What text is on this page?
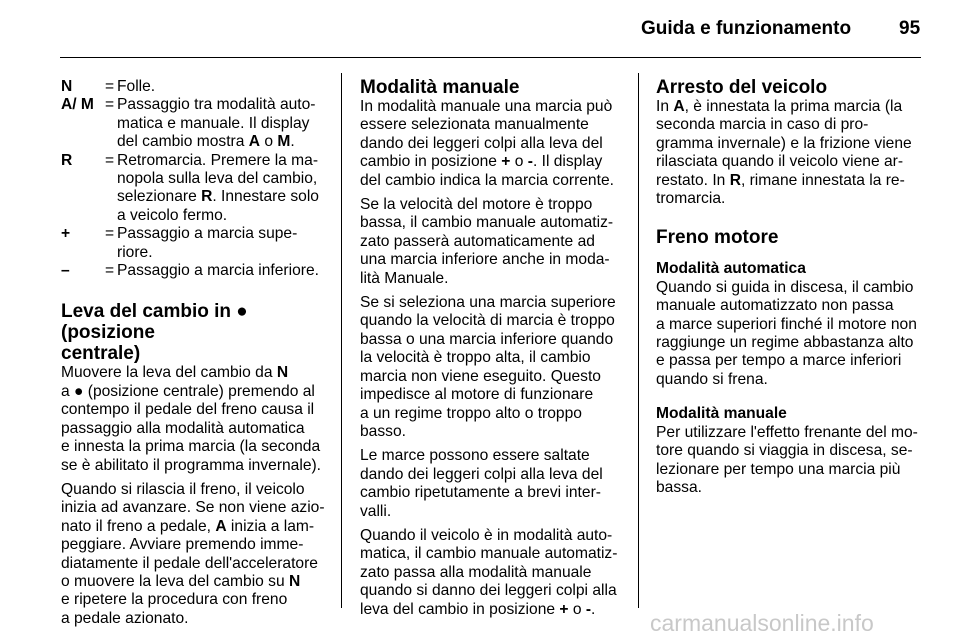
Guida e funzionamento	95
N	= Folle.
A/ M = Passaggio tra modalità auto-
matica e manuale. Il display
del cambio mostra A o M.
R	= Retromarcia. Premere la ma-
nopola sulla leva del cambio,
selezionare R. Innestare solo
a veicolo fermo.
+	= Passaggio a marcia supe-
riore.
–	= Passaggio a marcia inferiore.
Leva del cambio in ● (posizione
centrale)

Muovere la leva del cambio da N
a ● (posizione centrale) premendo al
contempo il pedale del freno causa il
passaggio alla modalità automatica
e innesta la prima marcia (la seconda
se è abilitato il programma invernale).

Quando si rilascia il freno, il veicolo
inizia ad avanzare. Se non viene azio-
nato il freno a pedale, A inizia a lam-
peggiare. Avviare premendo imme-
diatamente il pedale dell'acceleratore
o muovere la leva del cambio su N
e ripetere la procedura con freno
a pedale azionato.

Modalità manuale

In modalità manuale una marcia può
essere selezionata manualmente
dando dei leggeri colpi alla leva del
cambio in posizione + o -. Il display
del cambio indica la marcia corrente.

Se la velocità del motore è troppo
bassa, il cambio manuale automatiz-
zato passerà automaticamente ad
una marcia inferiore anche in moda-
lità Manuale.

Se si seleziona una marcia superiore
quando la velocità di marcia è troppo
bassa o una marcia inferiore quando
la velocità è troppo alta, il cambio
marcia non viene eseguito. Questo
impedisce al motore di funzionare
a un regime troppo alto o troppo
basso.

Le marce possono essere saltate
dando dei leggeri colpi alla leva del
cambio ripetutamente a brevi inter-
valli.

Quando il veicolo è in modalità auto-
matica, il cambio manuale automatiz-
zato passa alla modalità manuale
quando si danno dei leggeri colpi alla
leva del cambio in posizione + o -.

Arresto del veicolo

In A, è innestata la prima marcia (la
seconda marcia in caso di pro-
gramma invernale) e la frizione viene
rilasciata quando il veicolo viene ar-
restato. In R, rimane innestata la re-
tromarcia.

Freno motore
Modalità automatica

Quando si guida in discesa, il cambio
manuale automatizzato non passa
a marce superiori finché il motore non
raggiunge un regime abbastanza alto
e passa per tempo a marce inferiori
quando si frena.

Modalità manuale

Per utilizzare l'effetto frenante del mo-
tore quando si viaggia in discesa, se-
lezionare per tempo una marcia più
bassa.

carmanualsonline.info
